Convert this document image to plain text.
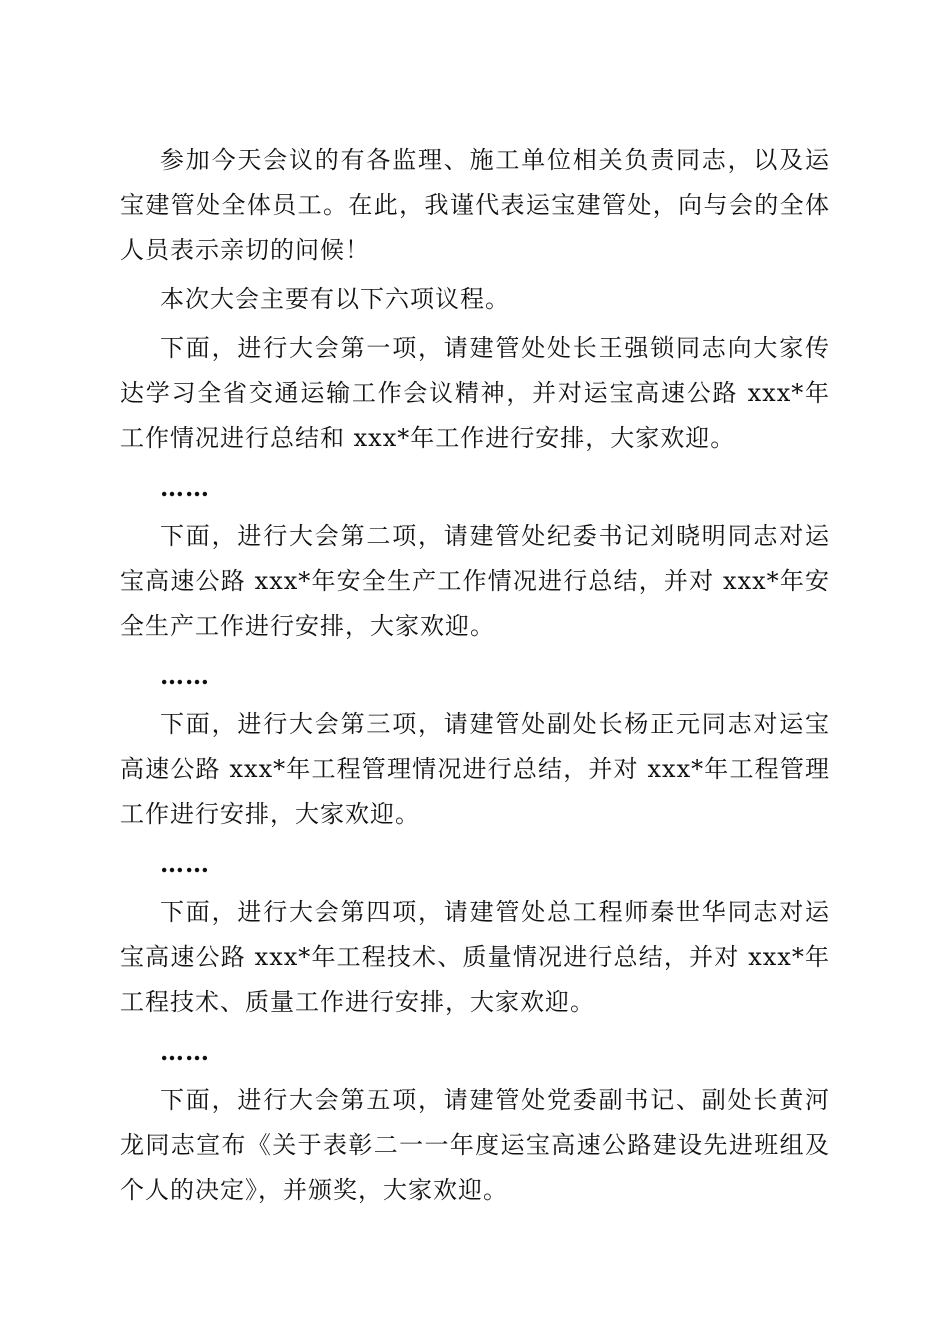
参加今天会议的有各监理、施工单位相关负责同志，以及运宝建管处全体员工。在此，我谨代表运宝建管处，向与会的全体人员表示亲切的问候！

本次大会主要有以下六项议程。

下面，进行大会第一项，请建管处处长王强锁同志向大家传达学习全省交通运输工作会议精神，并对运宝高速公路 xxx*年工作情况进行总结和 xxx*年工作进行安排，大家欢迎。

……

下面，进行大会第二项，请建管处纪委书记刘晓明同志对运宝高速公路 xxx*年安全生产工作情况进行总结，并对 xxx*年安全生产工作进行安排，大家欢迎。

……

下面，进行大会第三项，请建管处副处长杨正元同志对运宝高速公路 xxx*年工程管理情况进行总结，并对 xxx*年工程管理工作进行安排，大家欢迎。

……

下面，进行大会第四项，请建管处总工程师秦世华同志对运宝高速公路 xxx*年工程技术、质量情况进行总结，并对 xxx*年工程技术、质量工作进行安排，大家欢迎。

……

下面，进行大会第五项，请建管处党委副书记、副处长黄河龙同志宣布《关于表彰二一一年度运宝高速公路建设先进班组及个人的决定》，并颁奖，大家欢迎。
